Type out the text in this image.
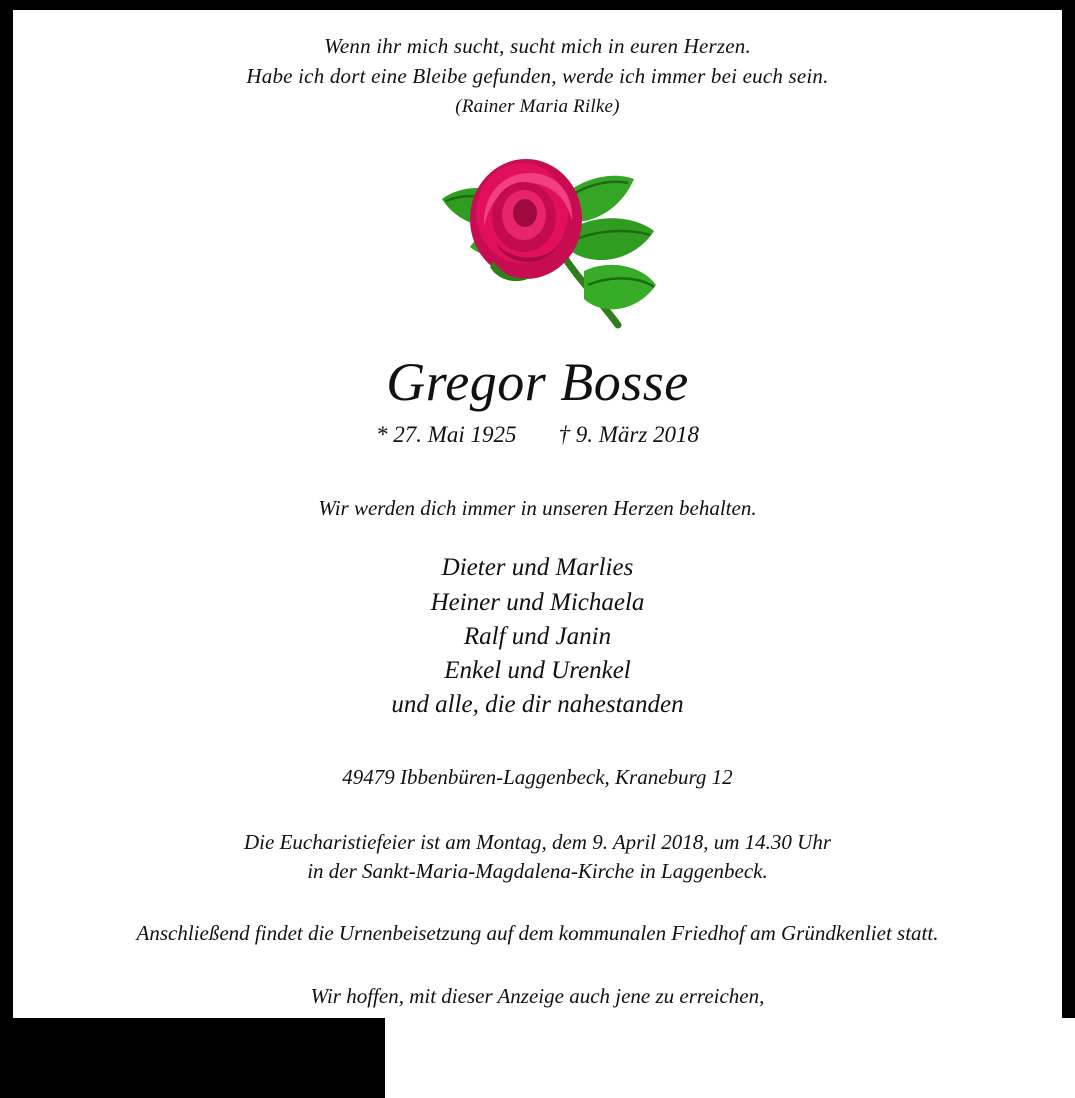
Wenn ihr mich sucht, sucht mich in euren Herzen.
Habe ich dort eine Bleibe gefunden, werde ich immer bei euch sein.
(Rainer Maria Rilke)
Gregor Bosse
* 27. Mai 1925 † 9. März 2018
Wir werden dich immer in unseren Herzen behalten.
Dieter und Marlies
Heiner und Michaela
Ralf und Janin
Enkel und Urenkel
und alle, die dir nahestanden
49479 Ibbenbüren-Laggenbeck, Kraneburg 12
Die Eucharistiefeier ist am Montag, dem 9. April 2018, um 14.30 Uhr
in der Sankt-Maria-Magdalena-Kirche in Laggenbeck.
Anschließend findet die Urnenbeisetzung auf dem kommunalen Friedhof am Gründkenliet statt.
Wir hoffen, mit dieser Anzeige auch jene zu erreichen,
